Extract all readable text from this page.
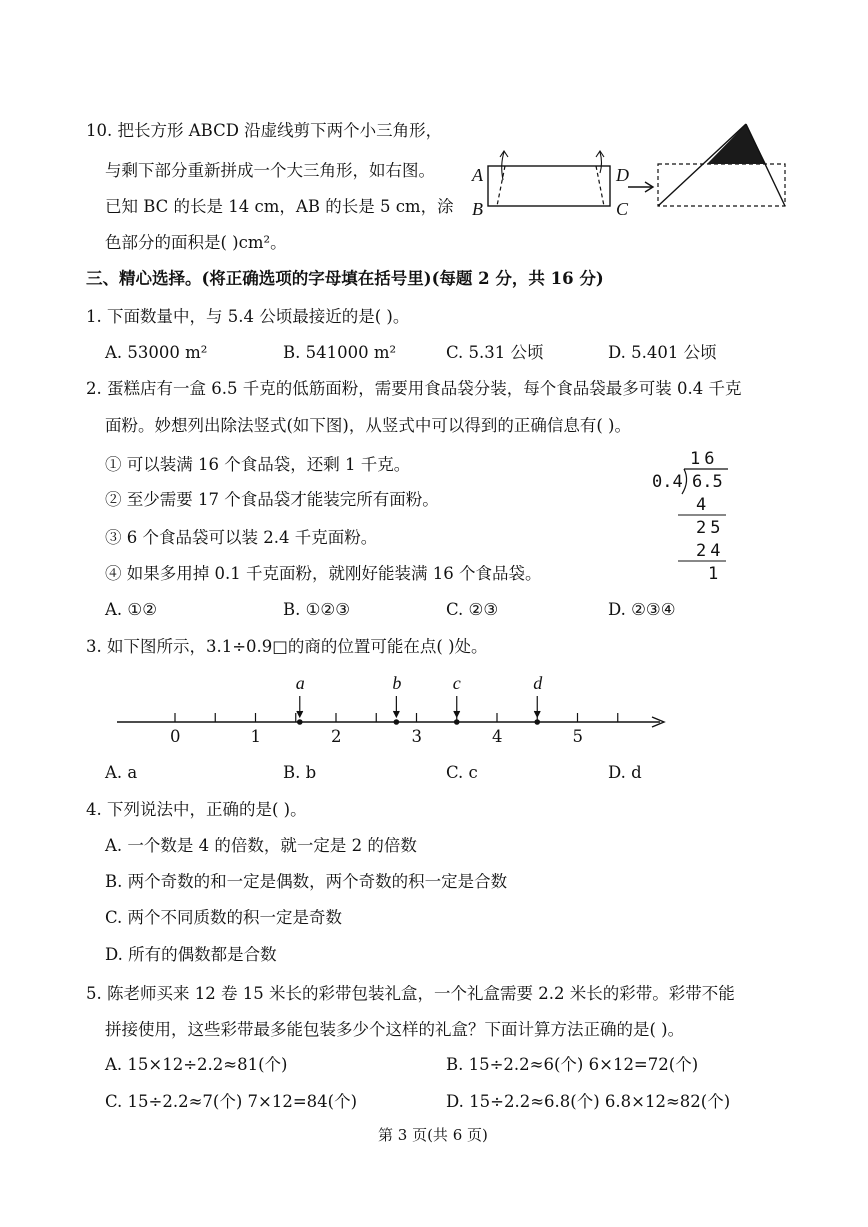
10. 把长方形 ABCD 沿虚线剪下两个小三角形，
与剩下部分重新拼成一个大三角形，如右图。
已知 BC 的长是 14 cm，AB 的长是 5 cm，涂
色部分的面积是( )cm²。
A
B
D
C
三、精心选择。(将正确选项的字母填在括号里)(每题 2 分，共 16 分)
1. 下面数量中，与 5.4 公顷最接近的是( )。
A. 53000 m²	B. 541000 m²	C. 5.31 公顷	D. 5.401 公顷
2. 蛋糕店有一盒 6.5 千克的低筋面粉，需要用食品袋分装，每个食品袋最多可装 0.4 千克
面粉。妙想列出除法竖式(如下图)，从竖式中可以得到的正确信息有( )。
① 可以装满 16 个食品袋，还剩 1 千克。
② 至少需要 17 个食品袋才能装完所有面粉。
③ 6 个食品袋可以装 2.4 千克面粉。
④ 如果多用掉 0.1 千克面粉，就刚好能装满 16 个食品袋。
16
0.4 6.5
4
25
24
1
A. ①②	B. ①②③	C. ②③	D. ②③④
3. 如下图所示，3.1÷0.9□的商的位置可能在点( )处。
0	1	2	3	4	5
a	b	c	d
A. a	B. b	C. c	D. d
4. 下列说法中，正确的是( )。
A. 一个数是 4 的倍数，就一定是 2 的倍数
B. 两个奇数的和一定是偶数，两个奇数的积一定是合数
C. 两个不同质数的积一定是奇数
D. 所有的偶数都是合数
5. 陈老师买来 12 卷 15 米长的彩带包装礼盒，一个礼盒需要 2.2 米长的彩带。彩带不能
拼接使用，这些彩带最多能包装多少个这样的礼盒？下面计算方法正确的是( )。
A. 15×12÷2.2≈81(个)	B. 15÷2.2≈6(个) 6×12=72(个)
C. 15÷2.2≈7(个) 7×12=84(个)	D. 15÷2.2≈6.8(个) 6.8×12≈82(个)
第 3 页(共 6 页)
